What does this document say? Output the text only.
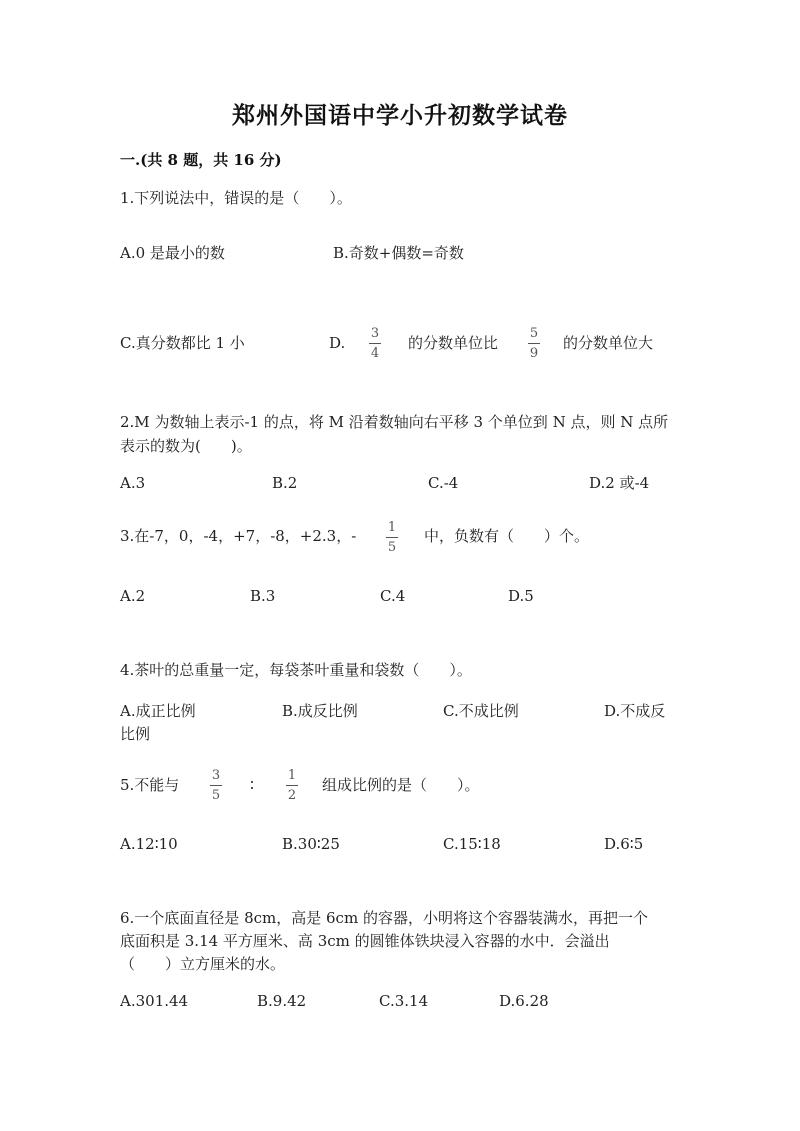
郑州外国语中学小升初数学试卷
一.(共 8 题，共 16 分)
1.下列说法中，错误的是（　　）。
A.0 是最小的数	B.奇数+偶数=奇数
C.真分数都比 1 小	D.
3
4
的分数单位比
5
9
的分数单位大
2.M 为数轴上表示-1 的点，将 M 沿着数轴向右平移 3 个单位到 N 点，则 N 点所
表示的数为(　　)。
A.3	B.2	C.-4	D.2 或-4
3.在-7，0，-4，+7，-8，+2.3，- 1
5
中，负数有（　　）个。
A.2	B.3	C.4	D.5
4.茶叶的总重量一定，每袋茶叶重量和袋数（　　）。
A.成正比例	B.成反比例	C.不成比例	D.不成反
比例
5.不能与
3
5
∶
1
2
组成比例的是（　　）。
A.12∶10	B.30∶25	C.15∶18	D.6∶5
6.一个底面直径是 8cm，高是 6cm 的容器，小明将这个容器装满水，再把一个
底面积是 3.14 平方厘米、高 3cm 的圆锥体铁块浸入容器的水中．会溢出
（　　）立方厘米的水。
A.301.44	B.9.42	C.3.14	D.6.28
